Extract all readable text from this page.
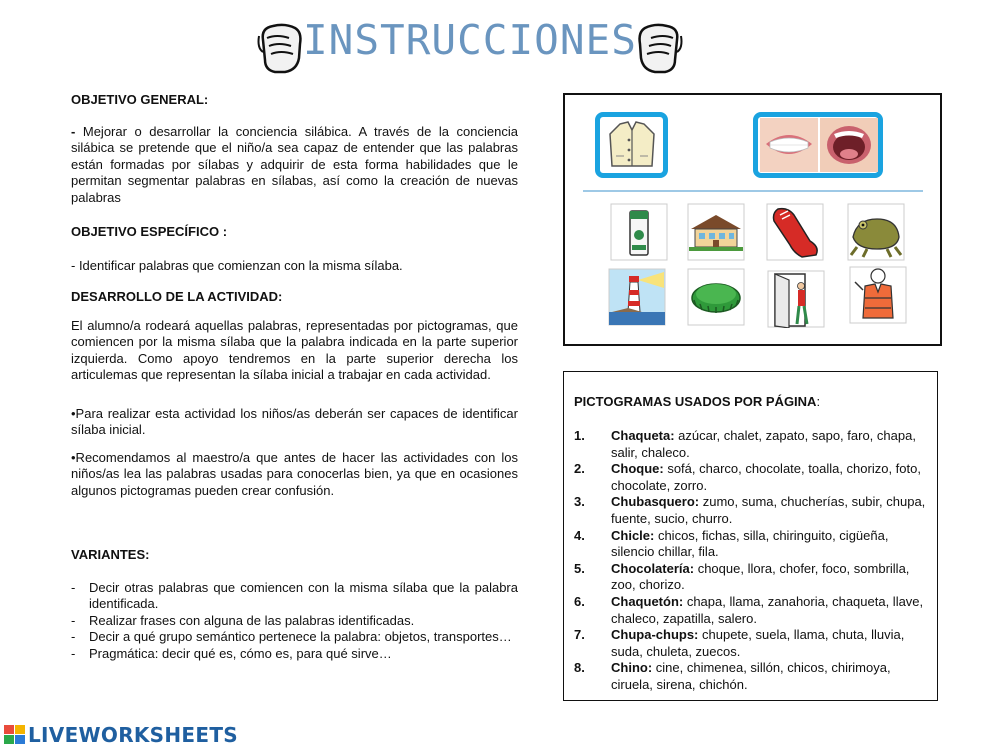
INSTRUCCIONES
OBJETIVO GENERAL:

- Mejorar o desarrollar la conciencia silábica. A través de la conciencia silábica se pretende que el niño/a sea capaz de entender que las palabras están formadas por sílabas y adquirir de esta forma habilidades que le permitan segmentar palabras en sílabas, así como la creación de nuevas palabras

OBJETIVO ESPECÍFICO :

- Identificar palabras que comienzan con la misma sílaba.

DESARROLLO DE LA ACTIVIDAD:

El alumno/a rodeará aquellas palabras, representadas por pictogramas, que comiencen por la misma sílaba que la palabra indicada en la parte superior izquierda. Como apoyo tendremos en la parte superior derecha los articulemas que representan la sílaba inicial a trabajar en cada actividad.

•Para realizar esta actividad los niños/as deberán ser capaces de identificar sílaba inicial.

•Recomendamos al maestro/a que antes de hacer las actividades con los niños/as lea las palabras usadas para conocerlas bien, ya que en ocasiones algunos pictogramas pueden crear confusión.

VARIANTES:
- Decir otras palabras que comiencen con la misma sílaba que la palabra identificada.
- Realizar frases con alguna de las palabras identificadas.
- Decir a qué grupo semántico pertenece la palabra: objetos, transportes…
- Pragmática: decir qué es, cómo es, para qué sirve…
PICTOGRAMAS USADOS POR PÁGINA:
1. Chaqueta: azúcar, chalet, zapato, sapo, faro, chapa, salir, chaleco.
2. Choque: sofá, charco, chocolate, toalla, chorizo, foto, chocolate, zorro.
3. Chubasquero: zumo, suma, chucherías, subir, chupa, fuente, sucio, churro.
4. Chicle: chicos, fichas, silla, chiringuito, cigüeña, silencio chillar, fila.
5. Chocolatería: choque, llora, chofer, foco, sombrilla, zoo, chorizo.
6. Chaquetón: chapa, llama, zanahoria, chaqueta, llave, chaleco, zapatilla, salero.
7. Chupa-chups: chupete, suela, llama, chuta, lluvia, suda, chuleta, zuecos.
8. Chino: cine, chimenea, sillón, chicos, chirimoya, ciruela, sirena, chichón.
LIVEWORKSHEETS
